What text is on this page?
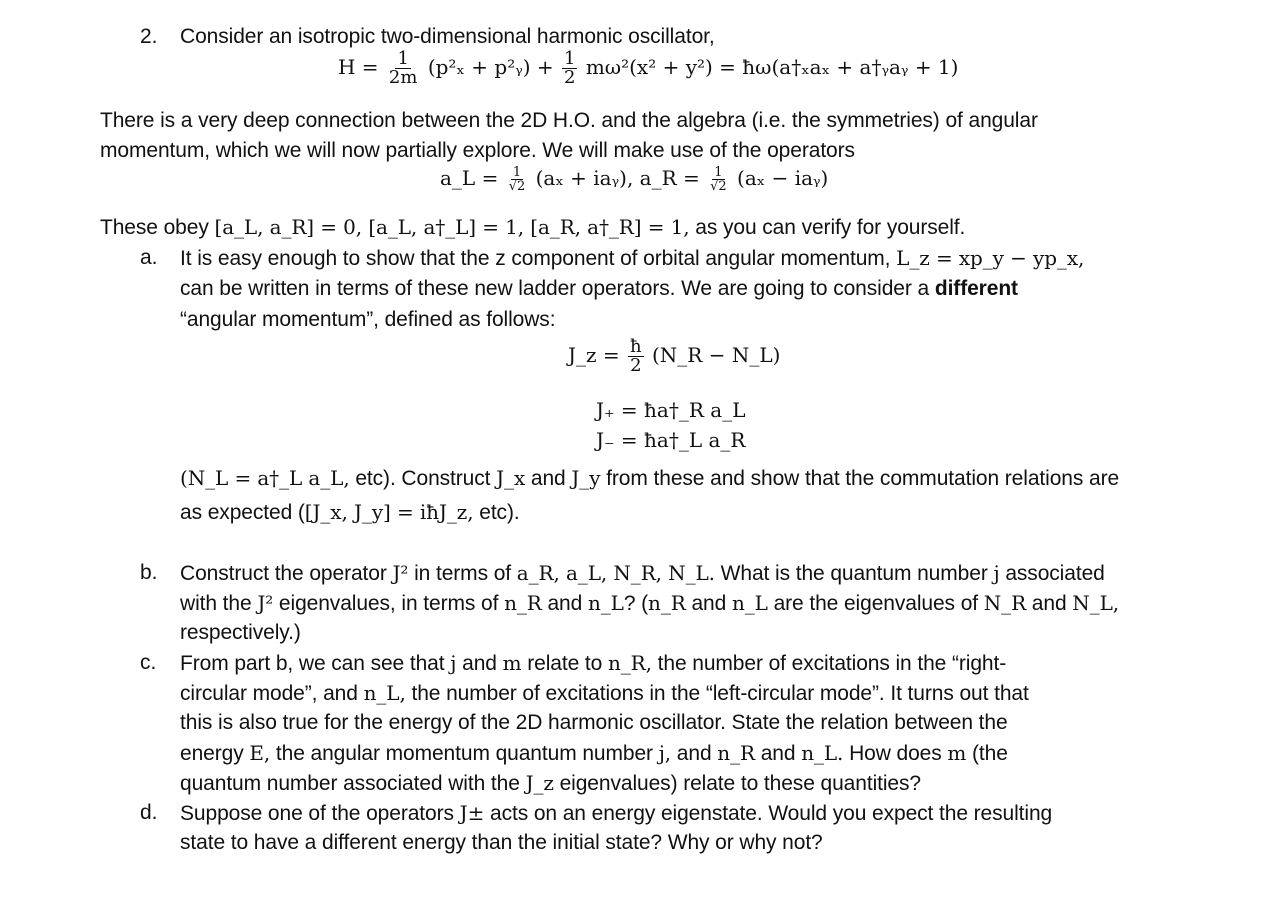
2. Consider an isotropic two-dimensional harmonic oscillator,
$H = \frac{1}{2m} (p^2_x$ + p²ᵧ) + $\frac{1}{2} m\omega^2(x^2 + y^2)$ = ħω(a†ₓaₓ + a†ᵧaᵧ + 1)
There is a very deep connection between the 2D H.O. and the algebra (i.e. the symmetries) of angular
momentum, which we will now partially explore. We will make use of the operators
a_L = $\frac{1}{√2} (a_x$ + iaᵧ), a_R = $\frac{1}{√2} (a_x$ − iaᵧ)
These obey [a_L, a_R] = 0, [a_L, a†_L] = 1, [a_R, a†_R] = 1, as you can verify for yourself.
a. It is easy enough to show that the z component of orbital angular momentum, L_z = xp_y − yp_x,
can be written in terms of these new ladder operators. We are going to consider a different
“angular momentum”, defined as follows:
J_z = $\frac{ħ}{2}$ (N_R − N_L)
J₊ = ħa†_R a_L
J₋ = ħa†_L a_R
(N_L = a†_L a_L, etc). Construct J_x and J_y from these and show that the commutation relations are
as expected ([J_x, J_y] = iħJ_z, etc).
b. Construct the operator J² in terms of a_R, a_L, N_R, N_L. What is the quantum number j associated
with the J² eigenvalues, in terms of n_R and n_L? (n_R and n_L are the eigenvalues of N_R and N_L,
respectively.)
c. From part b, we can see that j and m relate to n_R, the number of excitations in the “right-
circular mode”, and n_L, the number of excitations in the “left-circular mode”. It turns out that
this is also true for the energy of the 2D harmonic oscillator. State the relation between the
energy E, the angular momentum quantum number j, and n_R and n_L. How does m (the
quantum number associated with the J_z eigenvalues) relate to these quantities?
d. Suppose one of the operators J± acts on an energy eigenstate. Would you expect the resulting
state to have a different energy than the initial state? Why or why not?
